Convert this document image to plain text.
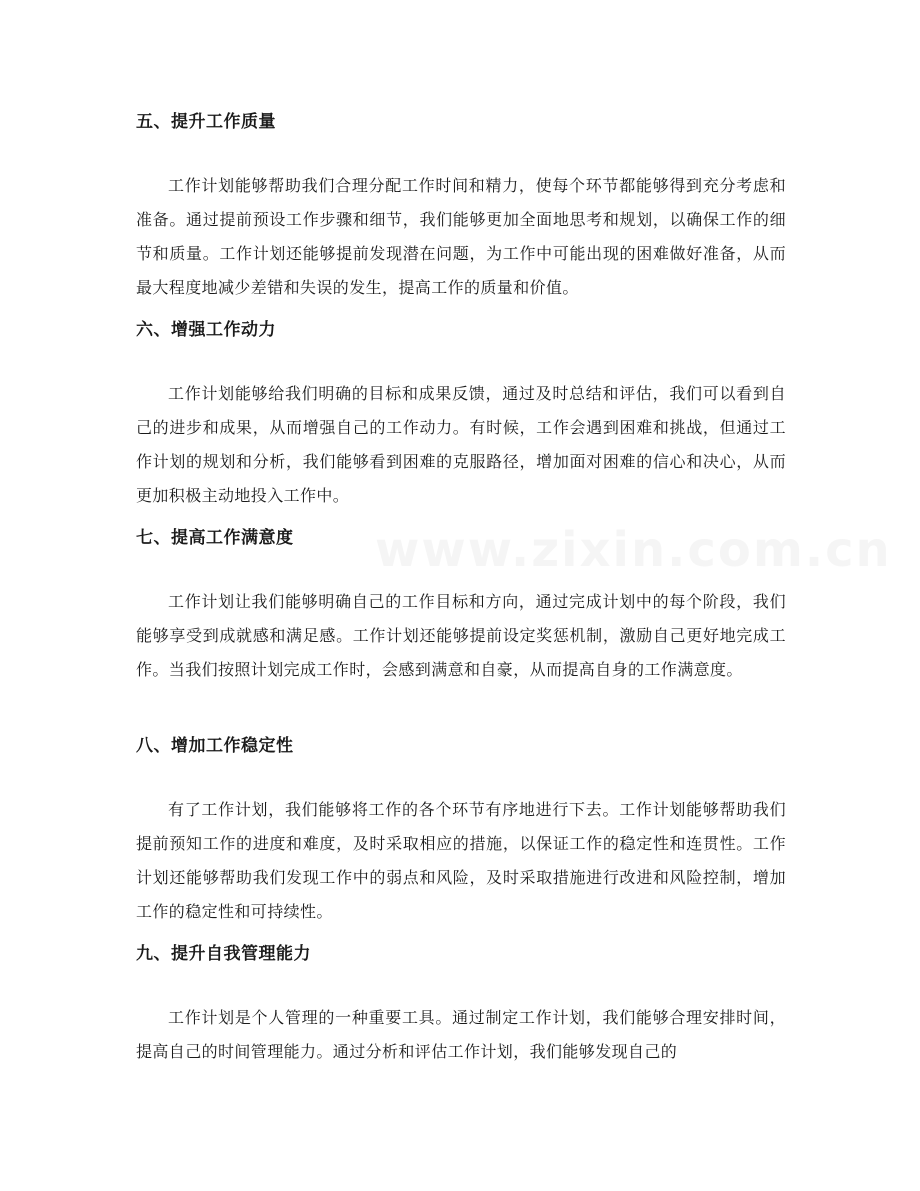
www.zixin.com.cn
五、提升工作质量

工作计划能够帮助我们合理分配工作时间和精力，使每个环节都能够得到充分考虑和准备。通过提前预设工作步骤和细节，我们能够更加全面地思考和规划，以确保工作的细节和质量。工作计划还能够提前发现潜在问题，为工作中可能出现的困难做好准备，从而最大程度地减少差错和失误的发生，提高工作的质量和价值。

六、增强工作动力

工作计划能够给我们明确的目标和成果反馈，通过及时总结和评估，我们可以看到自己的进步和成果，从而增强自己的工作动力。有时候，工作会遇到困难和挑战，但通过工作计划的规划和分析，我们能够看到困难的克服路径，增加面对困难的信心和决心，从而更加积极主动地投入工作中。

七、提高工作满意度

工作计划让我们能够明确自己的工作目标和方向，通过完成计划中的每个阶段，我们能够享受到成就感和满足感。工作计划还能够提前设定奖惩机制，激励自己更好地完成工作。当我们按照计划完成工作时，会感到满意和自豪，从而提高自身的工作满意度。

八、增加工作稳定性

有了工作计划，我们能够将工作的各个环节有序地进行下去。工作计划能够帮助我们提前预知工作的进度和难度，及时采取相应的措施，以保证工作的稳定性和连贯性。工作计划还能够帮助我们发现工作中的弱点和风险，及时采取措施进行改进和风险控制，增加工作的稳定性和可持续性。

九、提升自我管理能力

工作计划是个人管理的一种重要工具。通过制定工作计划，我们能够合理安排时间，提高自己的时间管理能力。通过分析和评估工作计划，我们能够发现自己的
